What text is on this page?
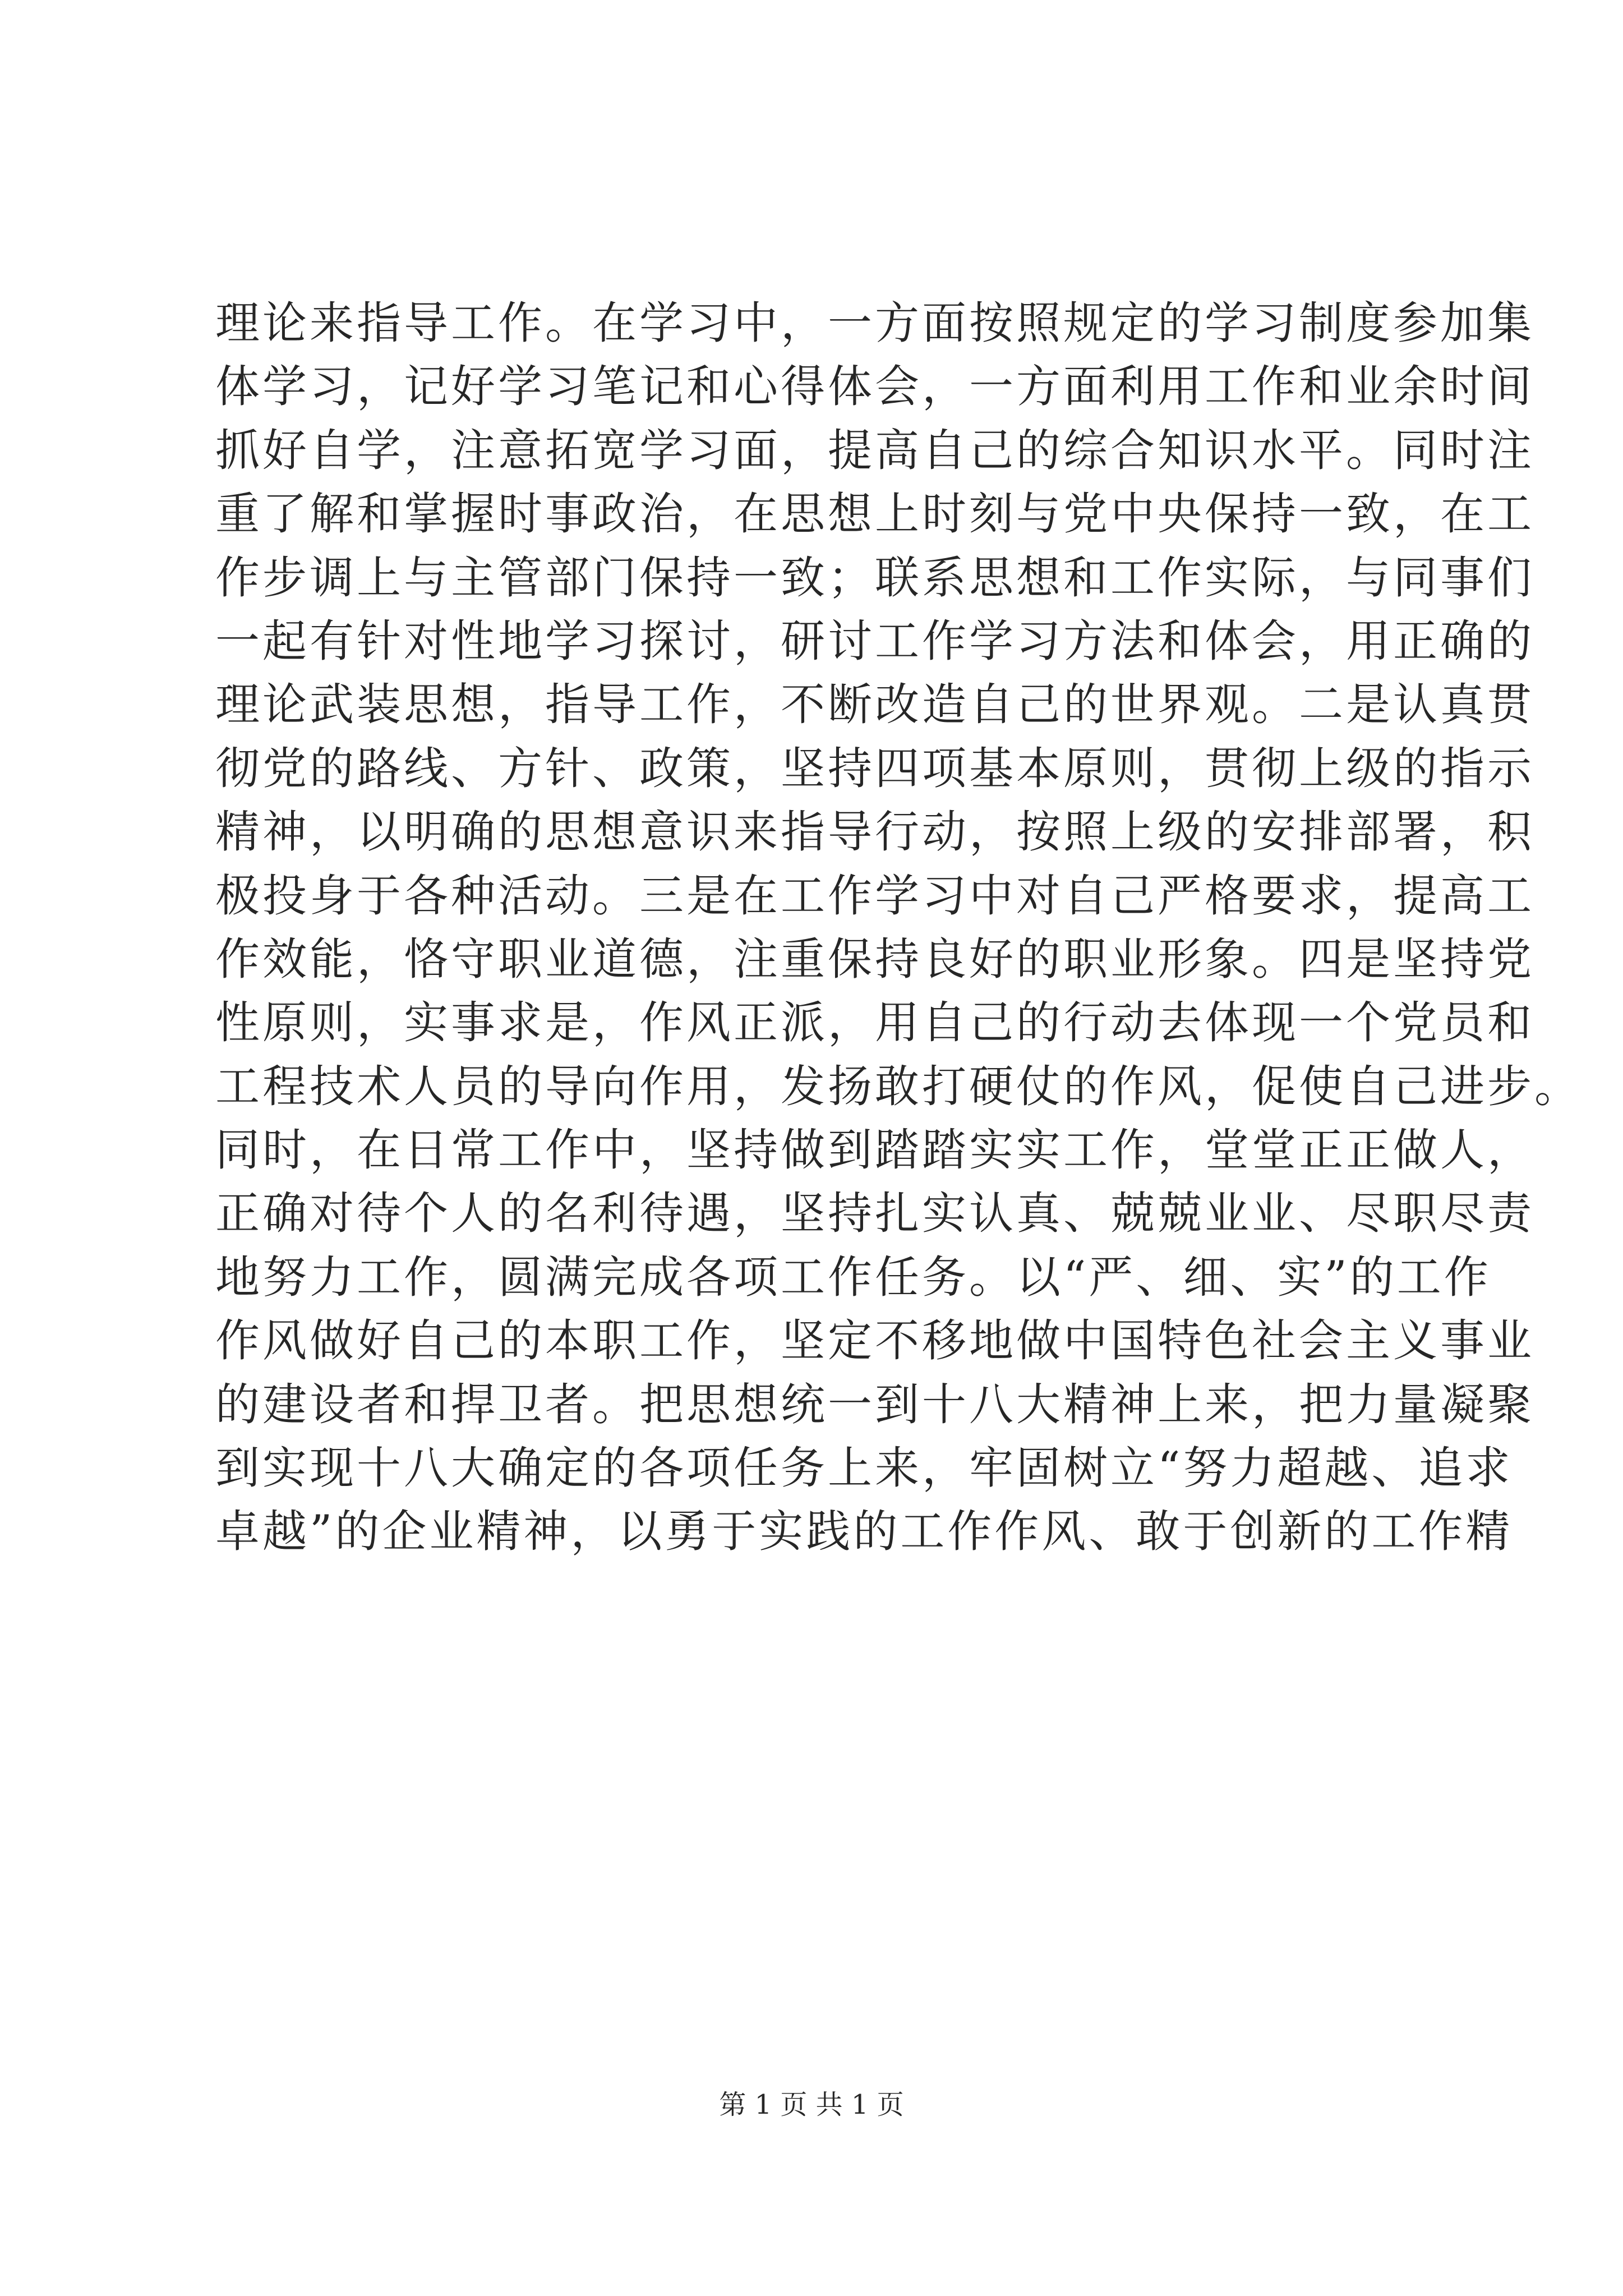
理论来指导工作。在学习中，一方面按照规定的学习制度参加集
体学习，记好学习笔记和心得体会，一方面利用工作和业余时间
抓好自学，注意拓宽学习面，提高自己的综合知识水平。同时注
重了解和掌握时事政治，在思想上时刻与党中央保持一致，在工
作步调上与主管部门保持一致；联系思想和工作实际，与同事们
一起有针对性地学习探讨，研讨工作学习方法和体会，用正确的
理论武装思想，指导工作，不断改造自己的世界观。二是认真贯
彻党的路线、方针、政策，坚持四项基本原则，贯彻上级的指示
精神，以明确的思想意识来指导行动，按照上级的安排部署，积
极投身于各种活动。三是在工作学习中对自己严格要求，提高工
作效能，恪守职业道德，注重保持良好的职业形象。四是坚持党
性原则，实事求是，作风正派，用自己的行动去体现一个党员和
工程技术人员的导向作用，发扬敢打硬仗的作风，促使自己进步。
同时，在日常工作中，坚持做到踏踏实实工作，堂堂正正做人，
正确对待个人的名利待遇，坚持扎实认真、兢兢业业、尽职尽责
地努力工作，圆满完成各项工作任务。以“严、细、实”的工作
作风做好自己的本职工作，坚定不移地做中国特色社会主义事业
的建设者和捍卫者。把思想统一到十八大精神上来，把力量凝聚
到实现十八大确定的各项任务上来，牢固树立“努力超越、追求
卓越”的企业精神，以勇于实践的工作作风、敢于创新的工作精
第 1 页 共 1 页
